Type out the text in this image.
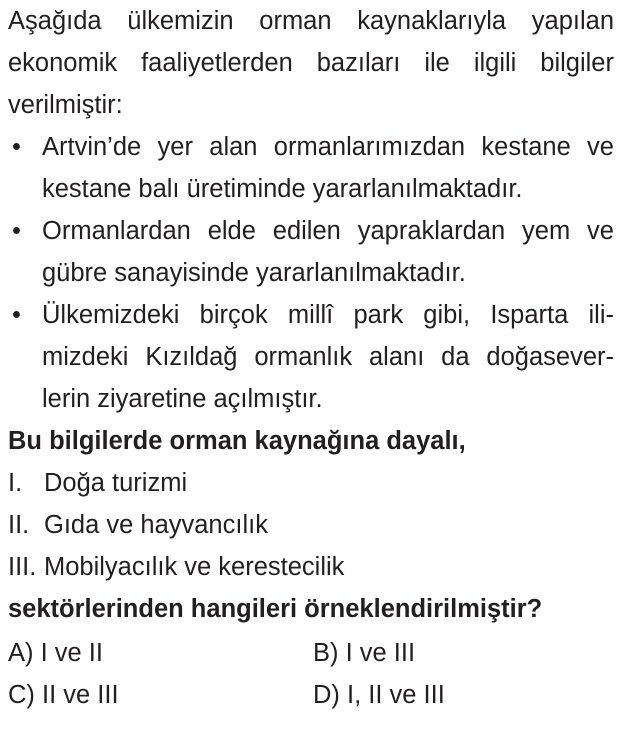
Aşağıda ülkemizin orman kaynaklarıyla yapılan
ekonomik faaliyetlerden bazıları ile ilgili bilgiler
verilmiştir:
• Artvin’de yer alan ormanlarımızdan kestane ve
kestane balı üretiminde yararlanılmaktadır.
• Ormanlardan elde edilen yapraklardan yem ve
gübre sanayisinde yararlanılmaktadır.
• Ülkemizdeki birçok millî park gibi, Isparta ili-
mizdeki Kızıldağ ormanlık alanı da doğasever-
lerin ziyaretine açılmıştır.
Bu bilgilerde orman kaynağına dayalı,
I. Doğa turizmi
II. Gıda ve hayvancılık
III. Mobilyacılık ve kerestecilik
sektörlerinden hangileri örneklendirilmiştir?
A) I ve II	B) I ve III
C) II ve III	D) I, II ve III
